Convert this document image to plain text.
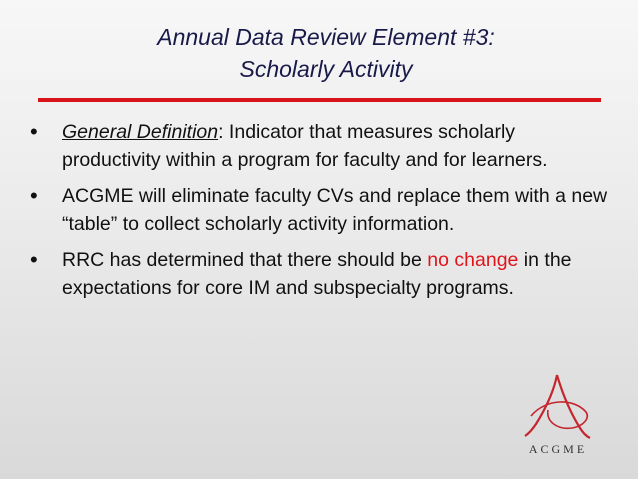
Annual Data Review Element #3:
Scholarly Activity
• General Definition: Indicator that measures scholarly productivity within a program for faculty and for learners.
• ACGME will eliminate faculty CVs and replace them with a new “table” to collect scholarly activity information.
• RRC has determined that there should be no change in the expectations for core IM and subspecialty programs.
ACGME
